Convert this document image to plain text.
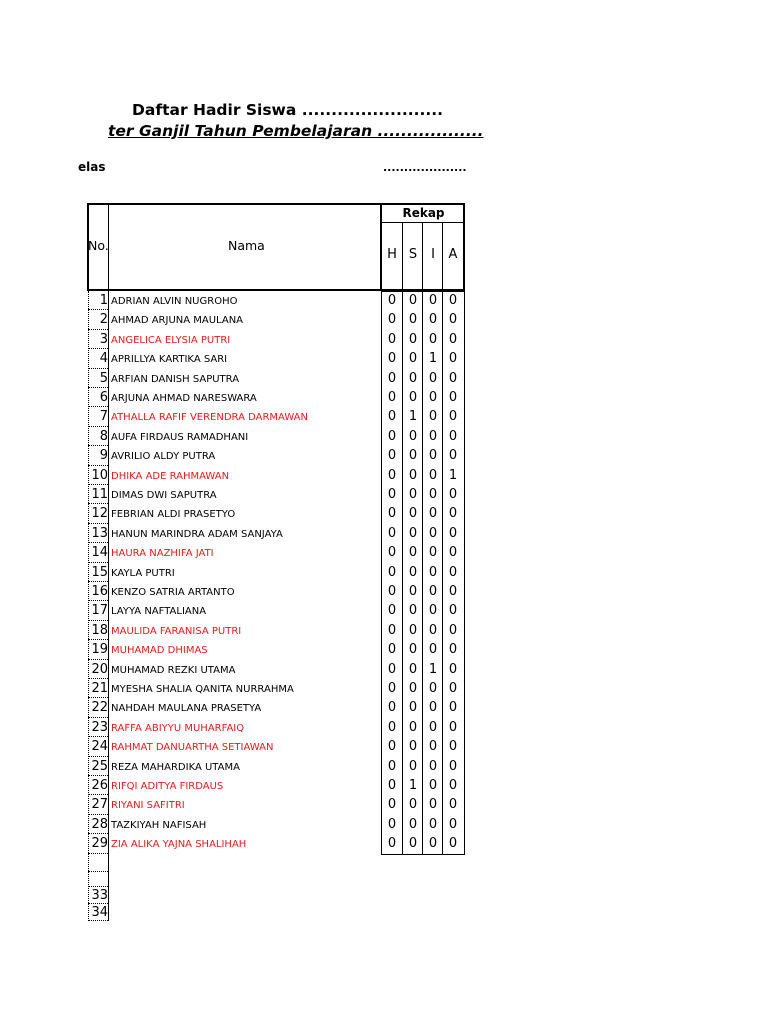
Daftar Hadir Siswa ........................
ter Ganjil Tahun Pembelajaran ..................
elas	....................
No.	Nama
Rekap
H S	I	A
1 ADRIAN ALVIN NUGROHO	0 0 0 0
2 AHMAD ARJUNA MAULANA	0 0 0 0
3 ANGELICA ELYSIA PUTRI	0 0 0 0
4 APRILLYA KARTIKA SARI	0 0 1 0
5 ARFIAN DANISH SAPUTRA	0 0 0 0
6 ARJUNA AHMAD NARESWARA	0 0 0 0
7 ATHALLA RAFIF VERENDRA DARMAWAN	0 1 0 0
8 AUFA FIRDAUS RAMADHANI	0 0 0 0
9 AVRILIO ALDY PUTRA	0 0 0 0
10 DHIKA ADE RAHMAWAN	0 0 0 1
11 DIMAS DWI SAPUTRA	0 0 0 0
12 FEBRIAN ALDI PRASETYO	0 0 0 0
13 HANUN MARINDRA ADAM SANJAYA	0 0 0 0
14 HAURA NAZHIFA JATI	0 0 0 0
15 KAYLA PUTRI	0 0 0 0
16 KENZO SATRIA ARTANTO	0 0 0 0
17 LAYYA NAFTALIANA	0 0 0 0
18 MAULIDA FARANISA PUTRI	0 0 0 0
19 MUHAMAD DHIMAS	0 0 0 0
20 MUHAMAD REZKI UTAMA	0 0 1 0
21 MYESHA SHALIA QANITA NURRAHMA	0 0 0 0
22 NAHDAH MAULANA PRASETYA	0 0 0 0
23 RAFFA ABIYYU MUHARFAIQ	0 0 0 0
24 RAHMAT DANUARTHA SETIAWAN	0 0 0 0
25 REZA MAHARDIKA UTAMA	0 0 0 0
26 RIFQI ADITYA FIRDAUS	0 1 0 0
27 RIYANI SAFITRI	0 0 0 0
28 TAZKIYAH NAFISAH	0 0 0 0
29 ZIA ALIKA YAJNA SHALIHAH	0 0 0 0
33
34
